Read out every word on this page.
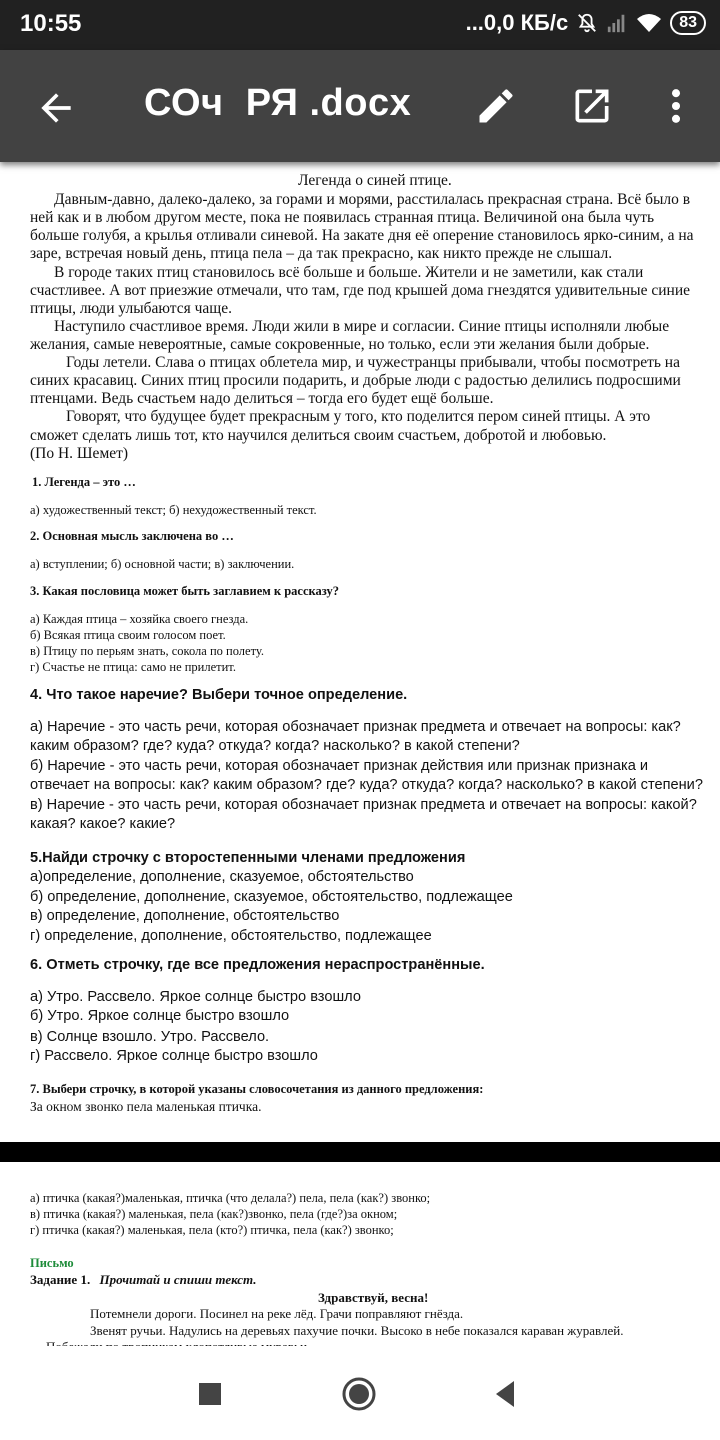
10:55	...0,0 КБ/с	83
СОч  РЯ .docx
Легенда о синей птице.
Давным-давно, далеко-далеко, за горами и морями, расстилалась прекрасная страна. Всё было в
ней как и в любом другом месте, пока не появилась странная птица. Величиной она была чуть
больше голубя, а крылья отливали синевой. На закате дня её оперение становилось ярко-синим, а на
заре, встречая новый день, птица пела – да так прекрасно, как никто прежде не слышал.
В городе таких птиц становилось всё больше и больше. Жители и не заметили, как стали
счастливее. А вот приезжие отмечали, что там, где под крышей дома гнездятся удивительные синие
птицы, люди улыбаются чаще.
Наступило счастливое время. Люди жили в мире и согласии. Синие птицы исполняли любые
желания, самые невероятные, самые сокровенные, но только, если эти желания были добрые.
Годы летели. Слава о птицах облетела мир, и чужестранцы прибывали, чтобы посмотреть на
синих красавиц. Синих птиц просили подарить, и добрые люди с радостью делились подросшими
птенцами. Ведь счастьем надо делиться – тогда его будет ещё больше.
Говорят, что будущее будет прекрасным у того, кто поделится пером синей птицы. А это
сможет сделать лишь тот, кто научился делиться своим счастьем, добротой и любовью.
(По Н. Шемет)
1. Легенда – это …
а) художественный текст; б) нехудожественный текст.
2. Основная мысль заключена во …
а) вступлении; б) основной части; в) заключении.
3. Какая пословица может быть заглавием к рассказу?
а) Каждая птица – хозяйка своего гнезда.
б) Всякая птица своим голосом поет.
в) Птицу по перьям знать, сокола по полету.
г) Счастье не птица: само не прилетит.
4. Что такое наречие? Выбери точное определение.
а) Наречие - это часть речи, которая обозначает признак предмета и отвечает на вопросы: как?
каким образом? где? куда? откуда? когда? насколько? в какой степени?
б) Наречие - это часть речи, которая обозначает признак действия или признак признака и
отвечает на вопросы: как? каким образом? где? куда? откуда? когда? насколько? в какой степени?
в) Наречие - это часть речи, которая обозначает признак предмета и отвечает на вопросы: какой?
какая? какое? какие?
5.Найди строчку с второстепенными членами предложения
а)определение, дополнение, сказуемое, обстоятельство
б) определение, дополнение, сказуемое, обстоятельство, подлежащее
в) определение, дополнение, обстоятельство
г) определение, дополнение, обстоятельство, подлежащее
6. Отметь строчку, где все предложения нераспространённые.
а) Утро. Рассвело. Яркое солнце быстро взошло
б) Утро. Яркое солнце быстро взошло
в) Солнце взошло. Утро. Рассвело.
г) Рассвело. Яркое солнце быстро взошло
7. Выбери строчку, в которой указаны словосочетания из данного предложения:
За окном звонко пела маленькая птичка.
а) птичка (какая?)маленькая, птичка (что делала?) пела, пела (как?) звонко;
в) птичка (какая?) маленькая, пела (как?)звонко, пела (где?)за окном;
г) птичка (какая?) маленькая, пела (кто?) птичка, пела (как?) звонко;
Письмо
Задание 1. Прочитай и спиши текст.
Здравствуй, весна!
Потемнели дороги. Посинел на реке лёд. Грачи поправляют гнёзда.
Звенят ручьи. Надулись на деревьях пахучие почки. Высоко в небе показался караван журавлей.
